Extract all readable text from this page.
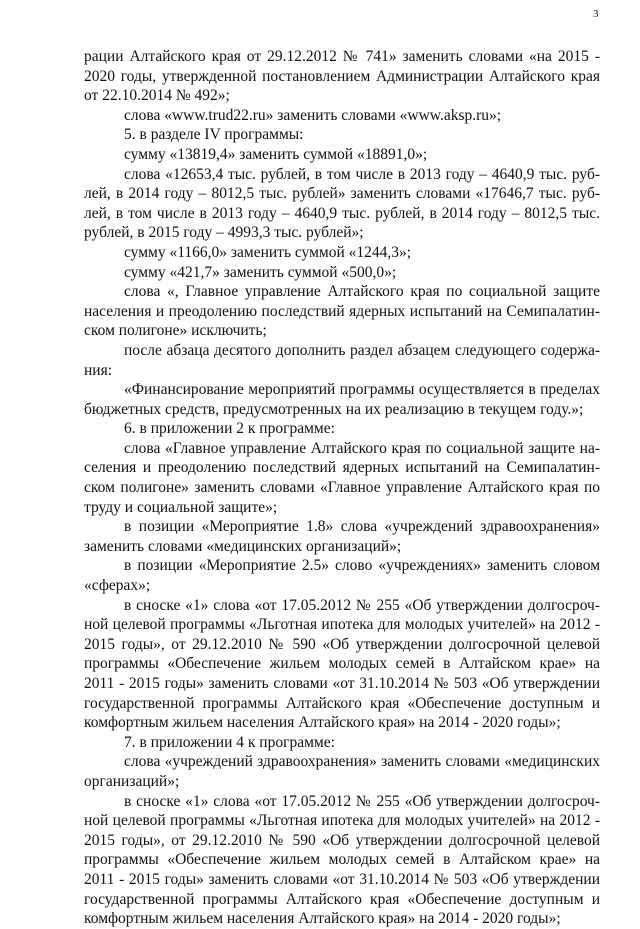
3
рации Алтайского края от 29.12.2012 № 741» заменить словами «на 2015 -
2020 годы, утвержденной постановлением Администрации Алтайского края
от 22.10.2014 № 492»;
слова «www.trud22.ru» заменить словами «www.aksp.ru»;
5. в разделе IV программы:
сумму «13819,4» заменить суммой «18891,0»;
слова «12653,4 тыс. рублей, в том числе в 2013 году – 4640,9 тыс. руб-
лей, в 2014 году – 8012,5 тыс. рублей» заменить словами «17646,7 тыс. руб-
лей, в том числе в 2013 году – 4640,9 тыс. рублей, в 2014 году – 8012,5 тыс.
рублей, в 2015 году – 4993,3 тыс. рублей»;
сумму «1166,0» заменить суммой «1244,3»;
сумму «421,7» заменить суммой «500,0»;
слова «, Главное управление Алтайского края по социальной защите
населения и преодолению последствий ядерных испытаний на Семипалатин-
ском полигоне» исключить;
после абзаца десятого дополнить раздел абзацем следующего содержа-
ния:
«Финансирование мероприятий программы осуществляется в пределах
бюджетных средств, предусмотренных на их реализацию в текущем году.»;
6. в приложении 2 к программе:
слова «Главное управление Алтайского края по социальной защите на-
селения и преодолению последствий ядерных испытаний на Семипалатин-
ском полигоне» заменить словами «Главное управление Алтайского края по
труду и социальной защите»;
в позиции «Мероприятие 1.8» слова «учреждений здравоохранения»
заменить словами «медицинских организаций»;
в позиции «Мероприятие 2.5» слово «учреждениях» заменить словом
«сферах»;
в сноске «1» слова «от 17.05.2012 № 255 «Об утверждении долгосроч-
ной целевой программы «Льготная ипотека для молодых учителей» на 2012 -
2015 годы», от 29.12.2010 № 590 «Об утверждении долгосрочной целевой
программы «Обеспечение жильем молодых семей в Алтайском крае» на
2011 - 2015 годы» заменить словами «от 31.10.2014 № 503 «Об утверждении
государственной программы Алтайского края «Обеспечение доступным и
комфортным жильем населения Алтайского края» на 2014 - 2020 годы»;
7. в приложении 4 к программе:
слова «учреждений здравоохранения» заменить словами «медицинских
организаций»;
в сноске «1» слова «от 17.05.2012 № 255 «Об утверждении долгосроч-
ной целевой программы «Льготная ипотека для молодых учителей» на 2012 -
2015 годы», от 29.12.2010 № 590 «Об утверждении долгосрочной целевой
программы «Обеспечение жильем молодых семей в Алтайском крае» на
2011 - 2015 годы» заменить словами «от 31.10.2014 № 503 «Об утверждении
государственной программы Алтайского края «Обеспечение доступным и
комфортным жильем населения Алтайского края» на 2014 - 2020 годы»;
